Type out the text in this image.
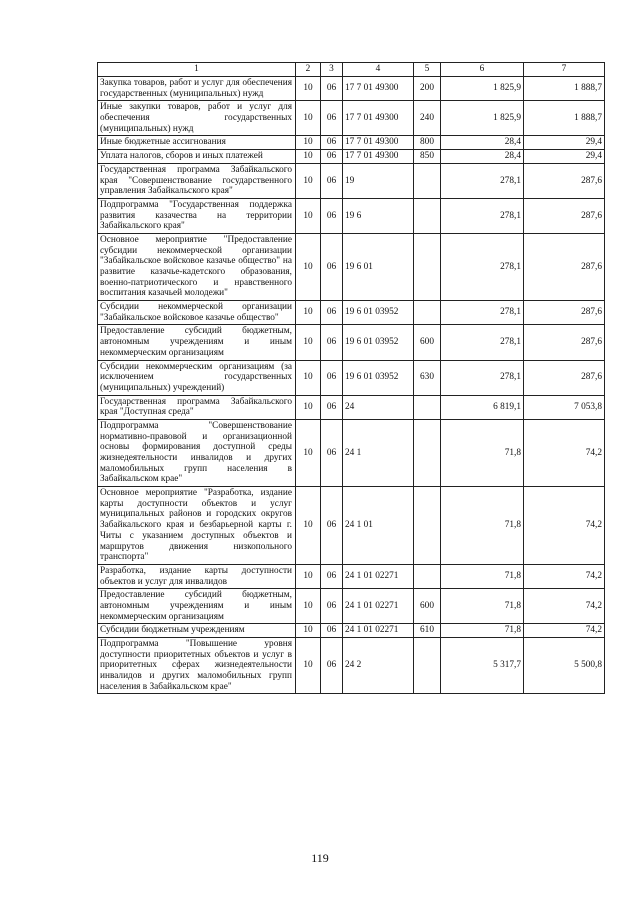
1	2	3	4	5	6	7
Закупка товаров, работ и услуг для обеспечения государственных (муниципальных) нужд	10	06	17 7 01 49300	200	1 825,9	1 888,7
Иные закупки товаров, работ и услуг для обеспечения государственных (муниципальных) нужд	10	06	17 7 01 49300	240	1 825,9	1 888,7
Иные бюджетные ассигнования	10	06	17 7 01 49300	800	28,4	29,4
Уплата налогов, сборов и иных платежей	10	06	17 7 01 49300	850	28,4	29,4
Государственная программа Забайкальского края "Совершенствование государственного управления Забайкальского края"	10	06	19		278,1	287,6
Подпрограмма "Государственная поддержка развития казачества на территории Забайкальского края"	10	06	19 6		278,1	287,6
Основное мероприятие "Предоставление субсидии некоммерческой организации "Забайкальское войсковое казачье общество" на развитие казачье-кадетского образования, военно-патриотического и нравственного воспитания казачьей молодежи"	10	06	19 6 01		278,1	287,6
Субсидии некоммерческой организации "Забайкальское войсковое казачье общество"	10	06	19 6 01 03952		278,1	287,6
Предоставление субсидий бюджетным, автономным учреждениям и иным некоммерческим организациям	10	06	19 6 01 03952	600	278,1	287,6
Субсидии некоммерческим организациям (за исключением государственных (муниципальных) учреждений)	10	06	19 6 01 03952	630	278,1	287,6
Государственная программа Забайкальского края "Доступная среда"	10	06	24		6 819,1	7 053,8
Подпрограмма "Совершенствование нормативно-правовой и организационной основы формирования доступной среды жизнедеятельности инвалидов и других маломобильных групп населения в Забайкальском крае"	10	06	24 1		71,8	74,2
Основное мероприятие "Разработка, издание карты доступности объектов и услуг муниципальных районов и городских округов Забайкальского края и безбарьерной карты г. Читы с указанием доступных объектов и маршрутов движения низкопольного транспорта"	10	06	24 1 01		71,8	74,2
Разработка, издание карты доступности объектов и услуг для инвалидов	10	06	24 1 01 02271		71,8	74,2
Предоставление субсидий бюджетным, автономным учреждениям и иным некоммерческим организациям	10	06	24 1 01 02271	600	71,8	74,2
Субсидии бюджетным учреждениям	10	06	24 1 01 02271	610	71,8	74,2
Подпрограмма "Повышение уровня доступности приоритетных объектов и услуг в приоритетных сферах жизнедеятельности инвалидов и других маломобильных групп населения в Забайкальском крае"	10	06	24 2		5 317,7	5 500,8
119
